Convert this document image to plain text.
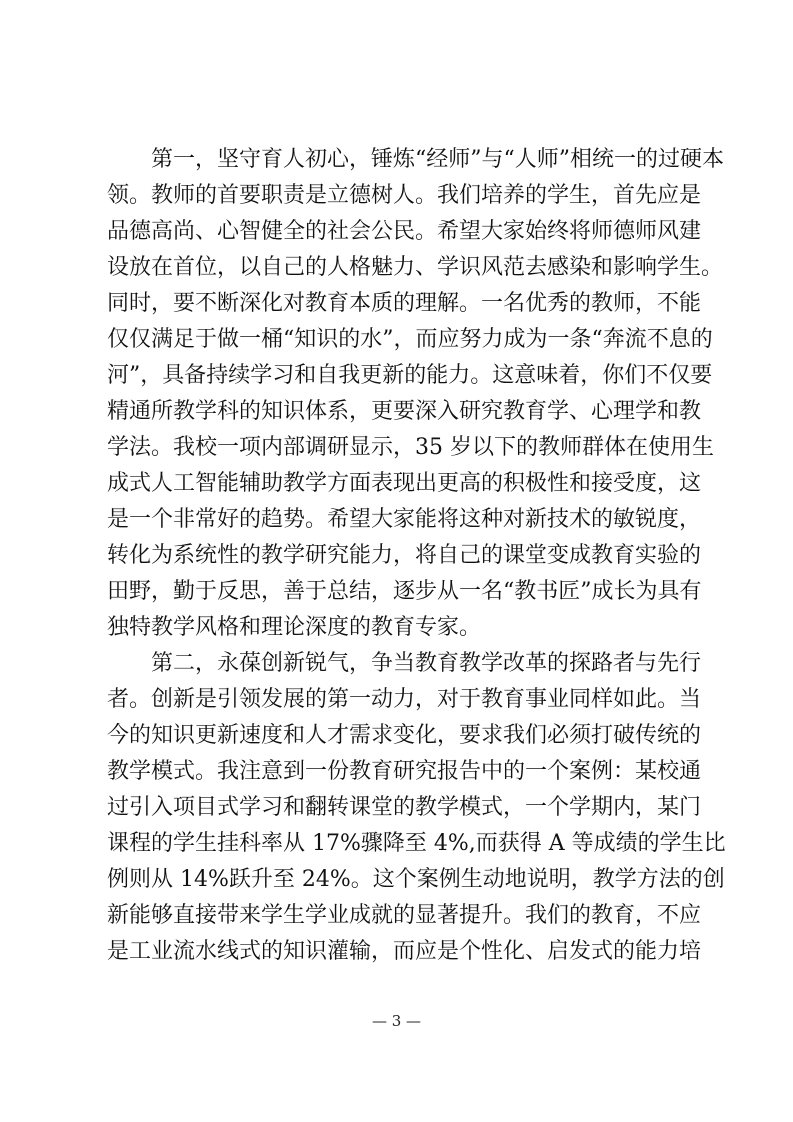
第一，坚守育人初心，锤炼“经师”与“人师”相统一的过硬本
领。教师的首要职责是立德树人。我们培养的学生，首先应是
品德高尚、心智健全的社会公民。希望大家始终将师德师风建
设放在首位，以自己的人格魅力、学识风范去感染和影响学生。
同时，要不断深化对教育本质的理解。一名优秀的教师，不能
仅仅满足于做一桶“知识的水”，而应努力成为一条“奔流不息的
河”，具备持续学习和自我更新的能力。这意味着，你们不仅要
精通所教学科的知识体系，更要深入研究教育学、心理学和教
学法。我校一项内部调研显示，35 岁以下的教师群体在使用生
成式人工智能辅助教学方面表现出更高的积极性和接受度，这
是一个非常好的趋势。希望大家能将这种对新技术的敏锐度，
转化为系统性的教学研究能力，将自己的课堂变成教育实验的
田野，勤于反思，善于总结，逐步从一名“教书匠”成长为具有
独特教学风格和理论深度的教育专家。
第二，永葆创新锐气，争当教育教学改革的探路者与先行
者。创新是引领发展的第一动力，对于教育事业同样如此。当
今的知识更新速度和人才需求变化，要求我们必须打破传统的
教学模式。我注意到一份教育研究报告中的一个案例：某校通
过引入项目式学习和翻转课堂的教学模式，一个学期内，某门
课程的学生挂科率从 17%骤降至 4%,而获得 A 等成绩的学生比
例则从 14%跃升至 24%。这个案例生动地说明，教学方法的创
新能够直接带来学生学业成就的显著提升。我们的教育，不应
是工业流水线式的知识灌输，而应是个性化、启发式的能力培
— 3 —
